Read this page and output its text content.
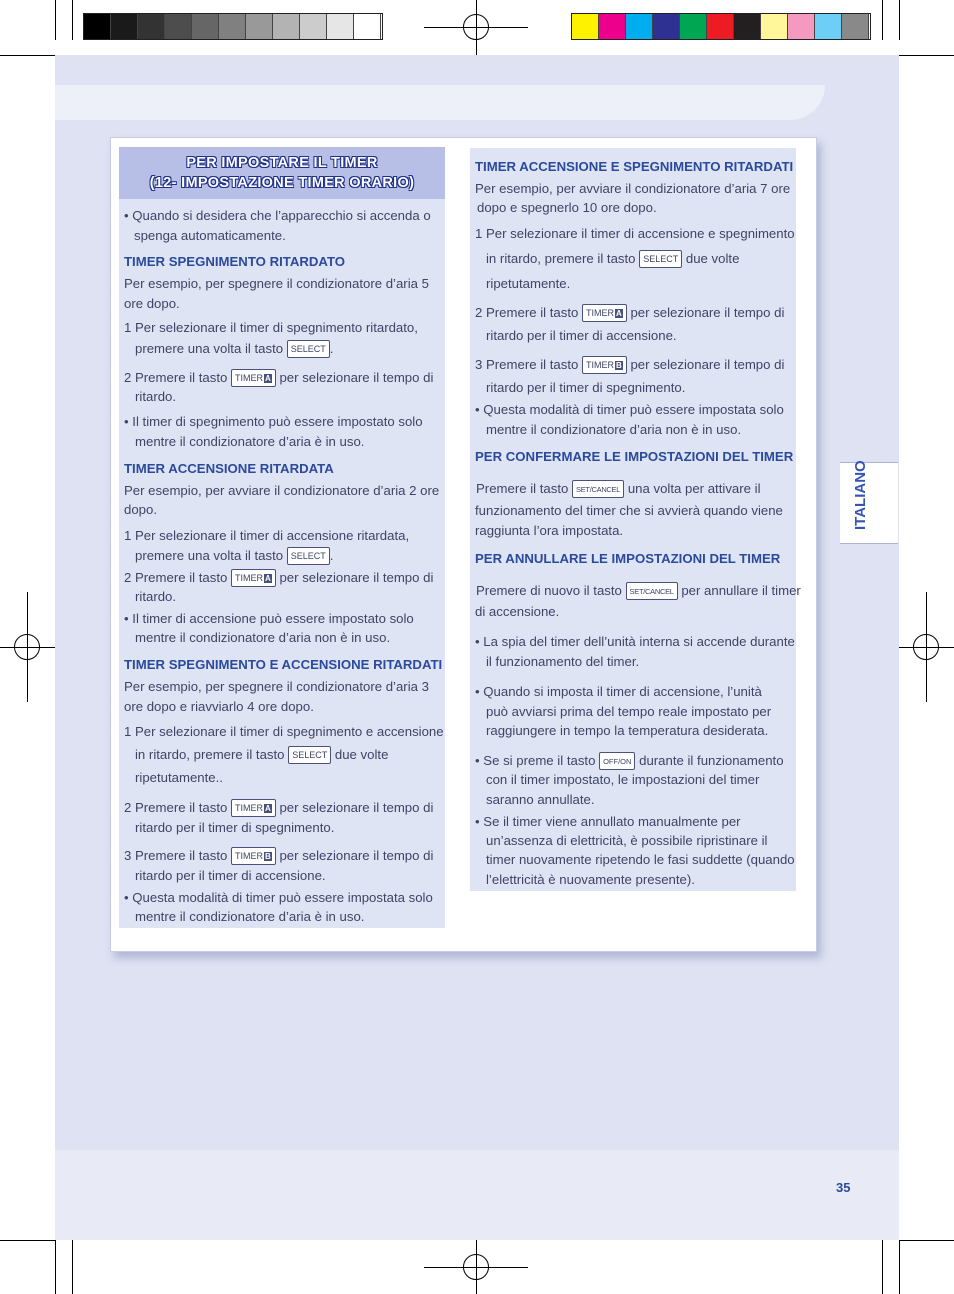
PER IMPOSTARE IL TIMER
(12- IMPOSTAZIONE TIMER ORARIO)
• Quando si desidera che l’apparecchio si accenda o
spenga automaticamente.
TIMER SPEGNIMENTO RITARDATO
Per esempio, per spegnere il condizionatore d’aria 5
ore dopo.
1 Per selezionare il timer di spegnimento ritardato,
premere una volta il tasto SELECT .
2 Premere il tasto TIMER A per selezionare il tempo di
ritardo.
• Il timer di spegnimento può essere impostato solo
mentre il condizionatore d’aria è in uso.
TIMER ACCENSIONE RITARDATA
Per esempio, per avviare il condizionatore d’aria 2 ore
dopo.
1 Per selezionare il timer di accensione ritardata,
premere una volta il tasto SELECT .
2 Premere il tasto TIMER A per selezionare il tempo di
ritardo.
• Il timer di accensione può essere impostato solo
mentre il condizionatore d’aria non è in uso.
TIMER SPEGNIMENTO E ACCENSIONE RITARDATI
Per esempio, per spegnere il condizionatore d’aria 3
ore dopo e riavviarlo 4 ore dopo.
1 Per selezionare il timer di spegnimento e accensione
in ritardo, premere il tasto SELECT due volte
ripetutamente..
2 Premere il tasto TIMER A per selezionare il tempo di
ritardo per il timer di spegnimento.
3 Premere il tasto TIMER B per selezionare il tempo di
ritardo per il timer di accensione.
• Questa modalità di timer può essere impostata solo
mentre il condizionatore d’aria è in uso.
TIMER ACCENSIONE E SPEGNIMENTO RITARDATI
Per esempio, per avviare il condizionatore d’aria 7 ore
dopo e spegnerlo 10 ore dopo.
1 Per selezionare il timer di accensione e spegnimento
in ritardo, premere il tasto SELECT due volte
ripetutamente.
2 Premere il tasto TIMER A per selezionare il tempo di
ritardo per il timer di accensione.
3 Premere il tasto TIMER B per selezionare il tempo di
ritardo per il timer di spegnimento.
• Questa modalità di timer può essere impostata solo
mentre il condizionatore d’aria non è in uso.
PER CONFERMARE LE IMPOSTAZIONI DEL TIMER
Premere il tasto SET/CANCEL una volta per attivare il
funzionamento del timer che si avvierà quando viene
raggiunta l’ora impostata.
PER ANNULLARE LE IMPOSTAZIONI DEL TIMER
Premere di nuovo il tasto SET/CANCEL per annullare il timer
di accensione.
• La spia del timer dell’unità interna si accende durante
il funzionamento del timer.
• Quando si imposta il timer di accensione, l’unità
può avviarsi prima del tempo reale impostato per
raggiungere in tempo la temperatura desiderata.
• Se si preme il tasto OFF/ON durante il funzionamento
con il timer impostato, le impostazioni del timer
saranno annullate.
• Se il timer viene annullato manualmente per
un’assenza di elettricità, è possibile ripristinare il
timer nuovamente ripetendo le fasi suddette (quando
l’elettricità è nuovamente presente).
ITALIANO
35
